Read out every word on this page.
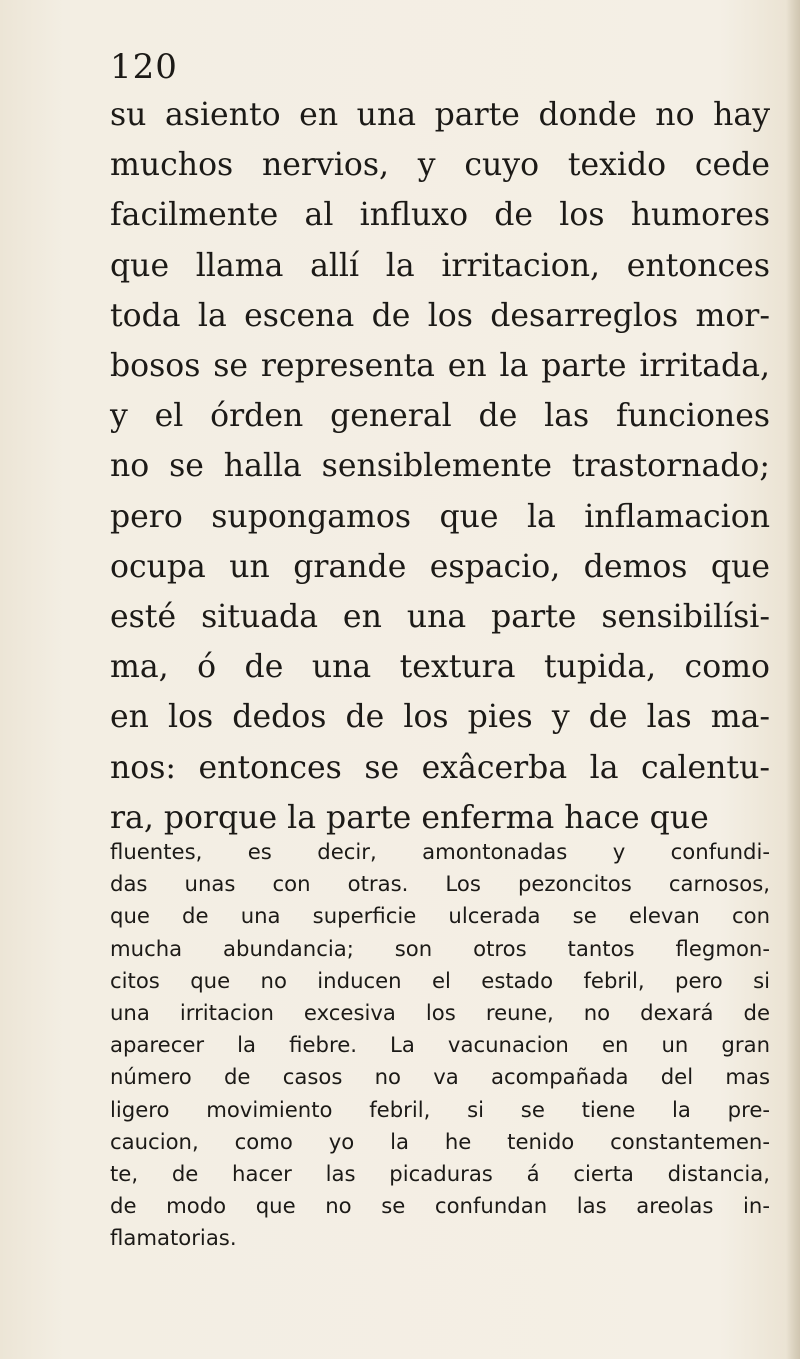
120
su asiento en una parte donde no hay
muchos nervios, y cuyo texido cede
facilmente al influxo de los humores
que llama allí la irritacion, entonces
toda la escena de los desarreglos mor-
bosos se representa en la parte irritada,
y el órden general de las funciones
no se halla sensiblemente trastornado;
pero supongamos que la inflamacion
ocupa un grande espacio, demos que
esté situada en una parte sensibilísi-
ma, ó de una textura tupida, como
en los dedos de los pies y de las ma-
nos: entonces se exâcerba la calentu-
ra, porque la parte enferma hace que
fluentes, es decir, amontonadas y confundi-
das unas con otras. Los pezoncitos carnosos,
que de una superficie ulcerada se elevan con
mucha abundancia; son otros tantos flegmon-
citos que no inducen el estado febril, pero si
una irritacion excesiva los reune, no dexará de
aparecer la fiebre. La vacunacion en un gran
número de casos no va acompañada del mas
ligero movimiento febril, si se tiene la pre-
caucion, como yo la he tenido constantemen-
te, de hacer las picaduras á cierta distancia,
de modo que no se confundan las areolas in-
flamatorias.
